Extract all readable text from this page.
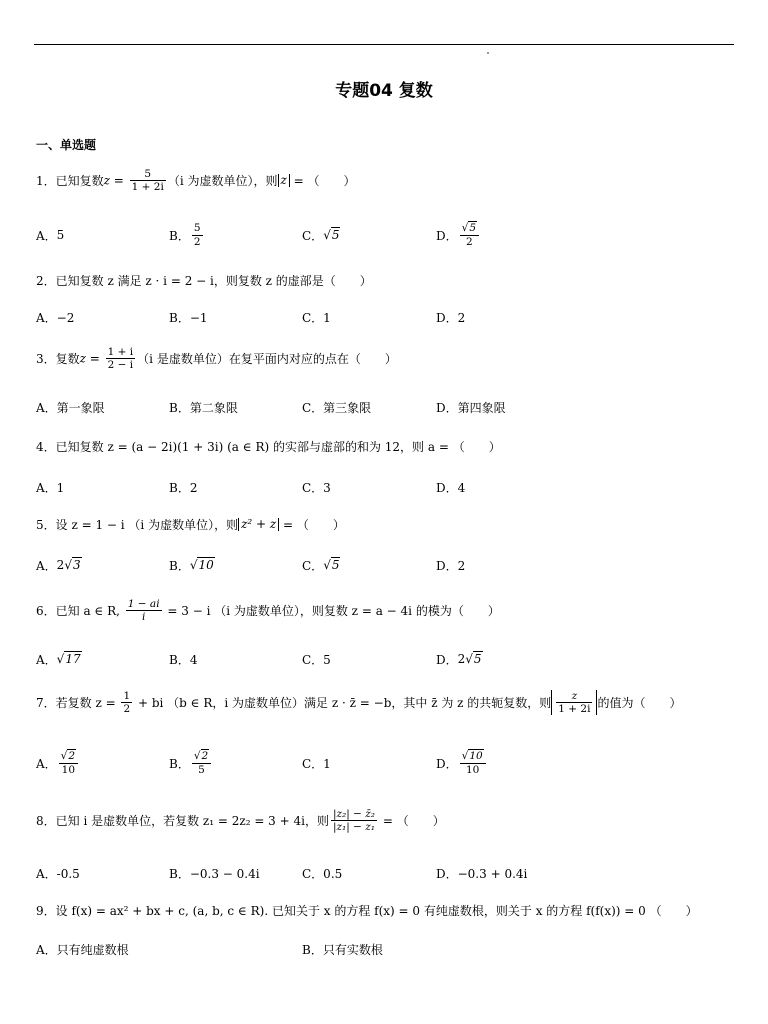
专题04 复数
一、单选题
1．已知复数$z = \frac{5}{1 + 2i} (i$ 为虚数单位），则 z = （　　）
A． 5	B． $\frac{5}{2}$	C． √5	D． $\frac{√5}{2}$
2．已知复数 z 满足 z · i = 2 − i，则复数 z 的虚部是（　　）
A．−2	B．−1	C．1	D．2
3．复数$z = \frac{1 + i}{2 - i} (i$ 是虚数单位）在复平面内对应的点在（　　）
A．第一象限	B．第二象限	C．第三象限	D．第四象限
4．已知复数 z = (a − 2i)(1 + 3i) (a ∈ R) 的实部与虚部的和为 12，则 a = （　　）
A．1	B．2	C．3	D．4
5．设 z = 1 − i （i 为虚数单位），则 z² + z = （　　）
A． 2 √3	B． √10	C． √5	D．2
6．已知 a ∈ R, $\frac{1 - ai}{i} = 3 - i$ （i 为虚数单位），则复数 z = a − 4i 的模为（　　）
A． √17	B．4	C．5	D． 2 √5
7．若复数 $z = \frac{1}{2}$ + bi （b ∈ R，i 为虚数单位）满足 z · z̄ = −b，其中 z̄ 为 z 的共轭复数，则 $\frac{z}{1 + 2i}$ 的值为（　　）
A． $\frac{√2}{10}$	B． $\frac{√2}{5}$	C．1	D． $\frac{√10}{10}$
8．已知 i 是虚数单位，若复数 z₁ = 2z₂ = 3 + 4i，则 $\frac{\text{|z₂| − z̄₂}}{\text{|z₁| − z₁}}$ = （　　）
A．-0.5	B．−0.3 − 0.4i	C．0.5	D．−0.3 + 0.4i
9．设 f(x) = ax² + bx + c, (a, b, c ∈ R). 已知关于 x 的方程 f(x) = 0 有纯虚数根，则关于 x 的方程 f(f(x)) = 0 （　　）
A．只有纯虚数根	B．只有实数根
